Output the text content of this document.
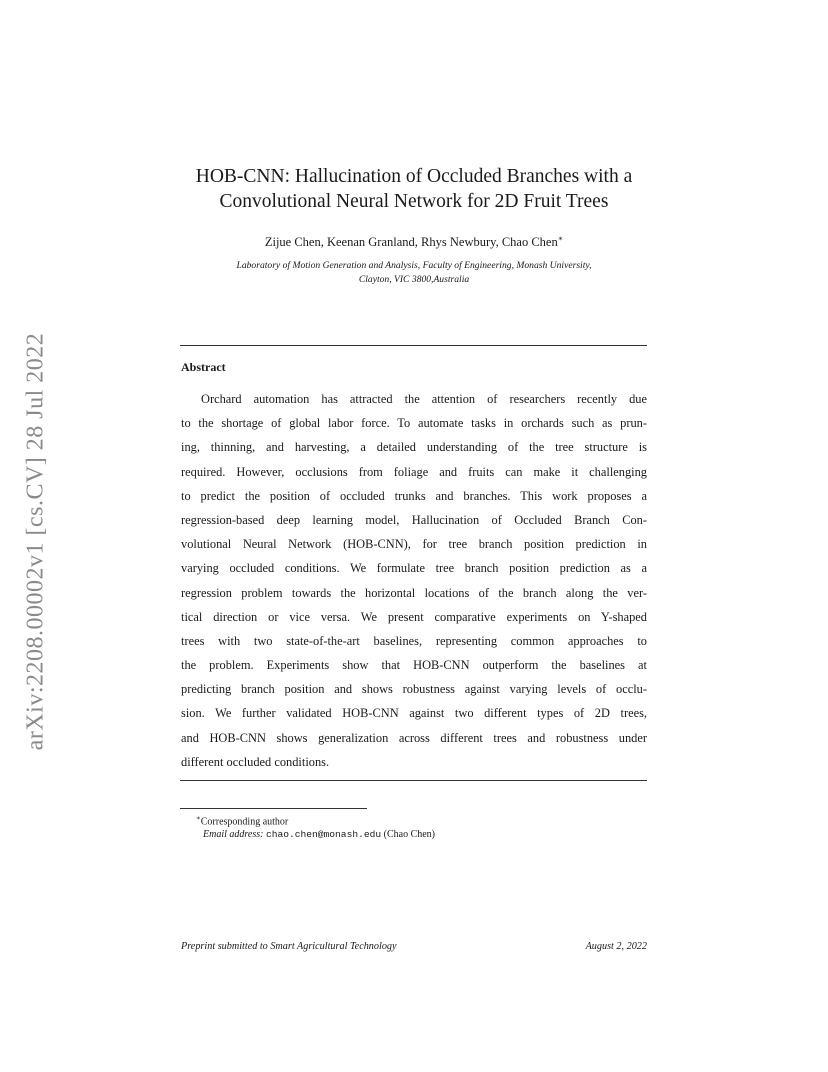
arXiv:2208.00002v1 [cs.CV] 28 Jul 2022
HOB-CNN: Hallucination of Occluded Branches with a
Convolutional Neural Network for 2D Fruit Trees
Zijue Chen, Keenan Granland, Rhys Newbury, Chao Chen∗
Laboratory of Motion Generation and Analysis, Faculty of Engineering, Monash University,
Clayton, VIC 3800,Australia
Abstract
Orchard automation has attracted the attention of researchers recently due
to the shortage of global labor force. To automate tasks in orchards such as prun-
ing, thinning, and harvesting, a detailed understanding of the tree structure is
required. However, occlusions from foliage and fruits can make it challenging
to predict the position of occluded trunks and branches. This work proposes a
regression-based deep learning model, Hallucination of Occluded Branch Con-
volutional Neural Network (HOB-CNN), for tree branch position prediction in
varying occluded conditions. We formulate tree branch position prediction as a
regression problem towards the horizontal locations of the branch along the ver-
tical direction or vice versa. We present comparative experiments on Y-shaped
trees with two state-of-the-art baselines, representing common approaches to
the problem. Experiments show that HOB-CNN outperform the baselines at
predicting branch position and shows robustness against varying levels of occlu-
sion. We further validated HOB-CNN against two different types of 2D trees,
and HOB-CNN shows generalization across different trees and robustness under
different occluded conditions.
∗Corresponding author
Email address: chao.chen@monash.edu (Chao Chen)
Preprint submitted to Smart Agricultural Technology	August 2, 2022
